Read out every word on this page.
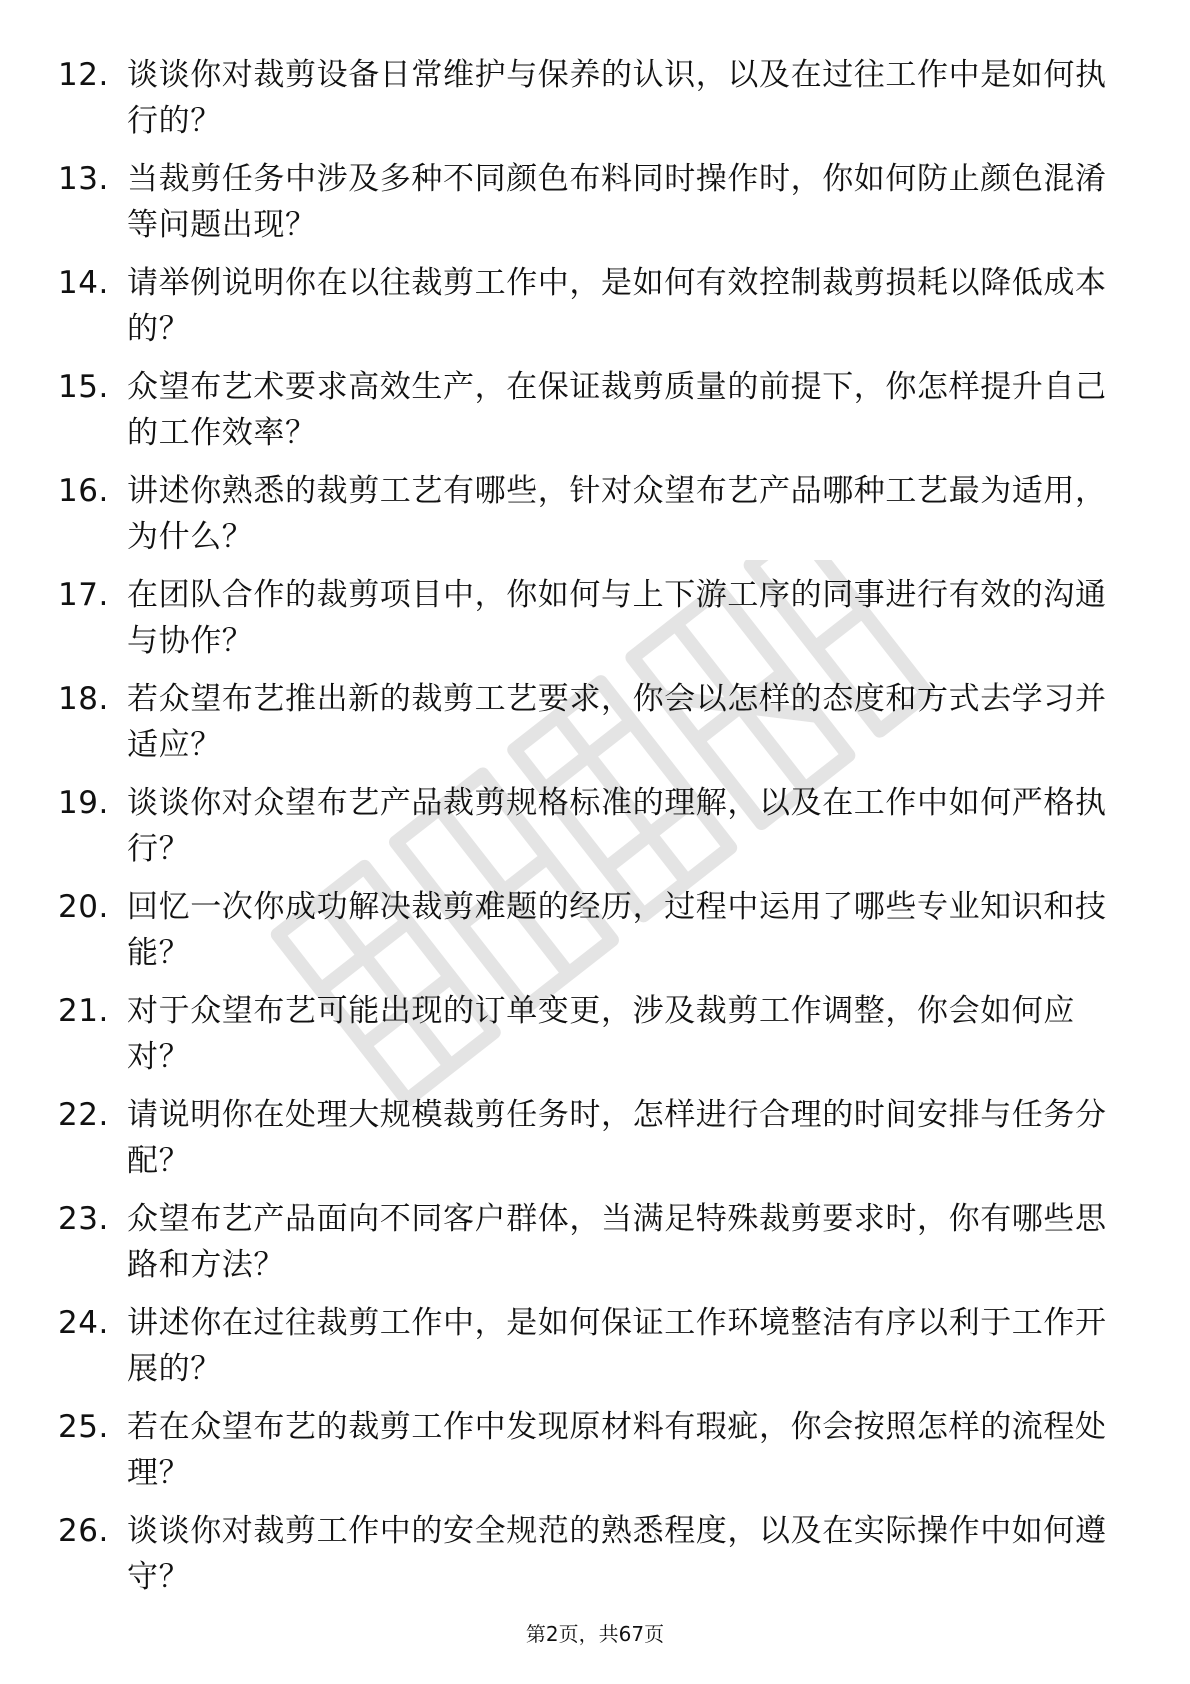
12. 谈谈你对裁剪设备日常维护与保养的认识，以及在过往工作中是如何执行的？
13. 当裁剪任务中涉及多种不同颜色布料同时操作时，你如何防止颜色混淆等问题出现？
14. 请举例说明你在以往裁剪工作中，是如何有效控制裁剪损耗以降低成本的？
15. 众望布艺术要求高效生产，在保证裁剪质量的前提下，你怎样提升自己的工作效率？
16. 讲述你熟悉的裁剪工艺有哪些，针对众望布艺产品哪种工艺最为适用，为什么？
17. 在团队合作的裁剪项目中，你如何与上下游工序的同事进行有效的沟通与协作？
18. 若众望布艺推出新的裁剪工艺要求，你会以怎样的态度和方式去学习并适应？
19. 谈谈你对众望布艺产品裁剪规格标准的理解，以及在工作中如何严格执行？
20. 回忆一次你成功解决裁剪难题的经历，过程中运用了哪些专业知识和技能？
21. 对于众望布艺可能出现的订单变更，涉及裁剪工作调整，你会如何应对？
22. 请说明你在处理大规模裁剪任务时，怎样进行合理的时间安排与任务分配？
23. 众望布艺产品面向不同客户群体，当满足特殊裁剪要求时，你有哪些思路和方法？
24. 讲述你在过往裁剪工作中，是如何保证工作环境整洁有序以利于工作开展的？
25. 若在众望布艺的裁剪工作中发现原材料有瑕疵，你会按照怎样的流程处理？
26. 谈谈你对裁剪工作中的安全规范的熟悉程度，以及在实际操作中如何遵守？
第2页，共67页
